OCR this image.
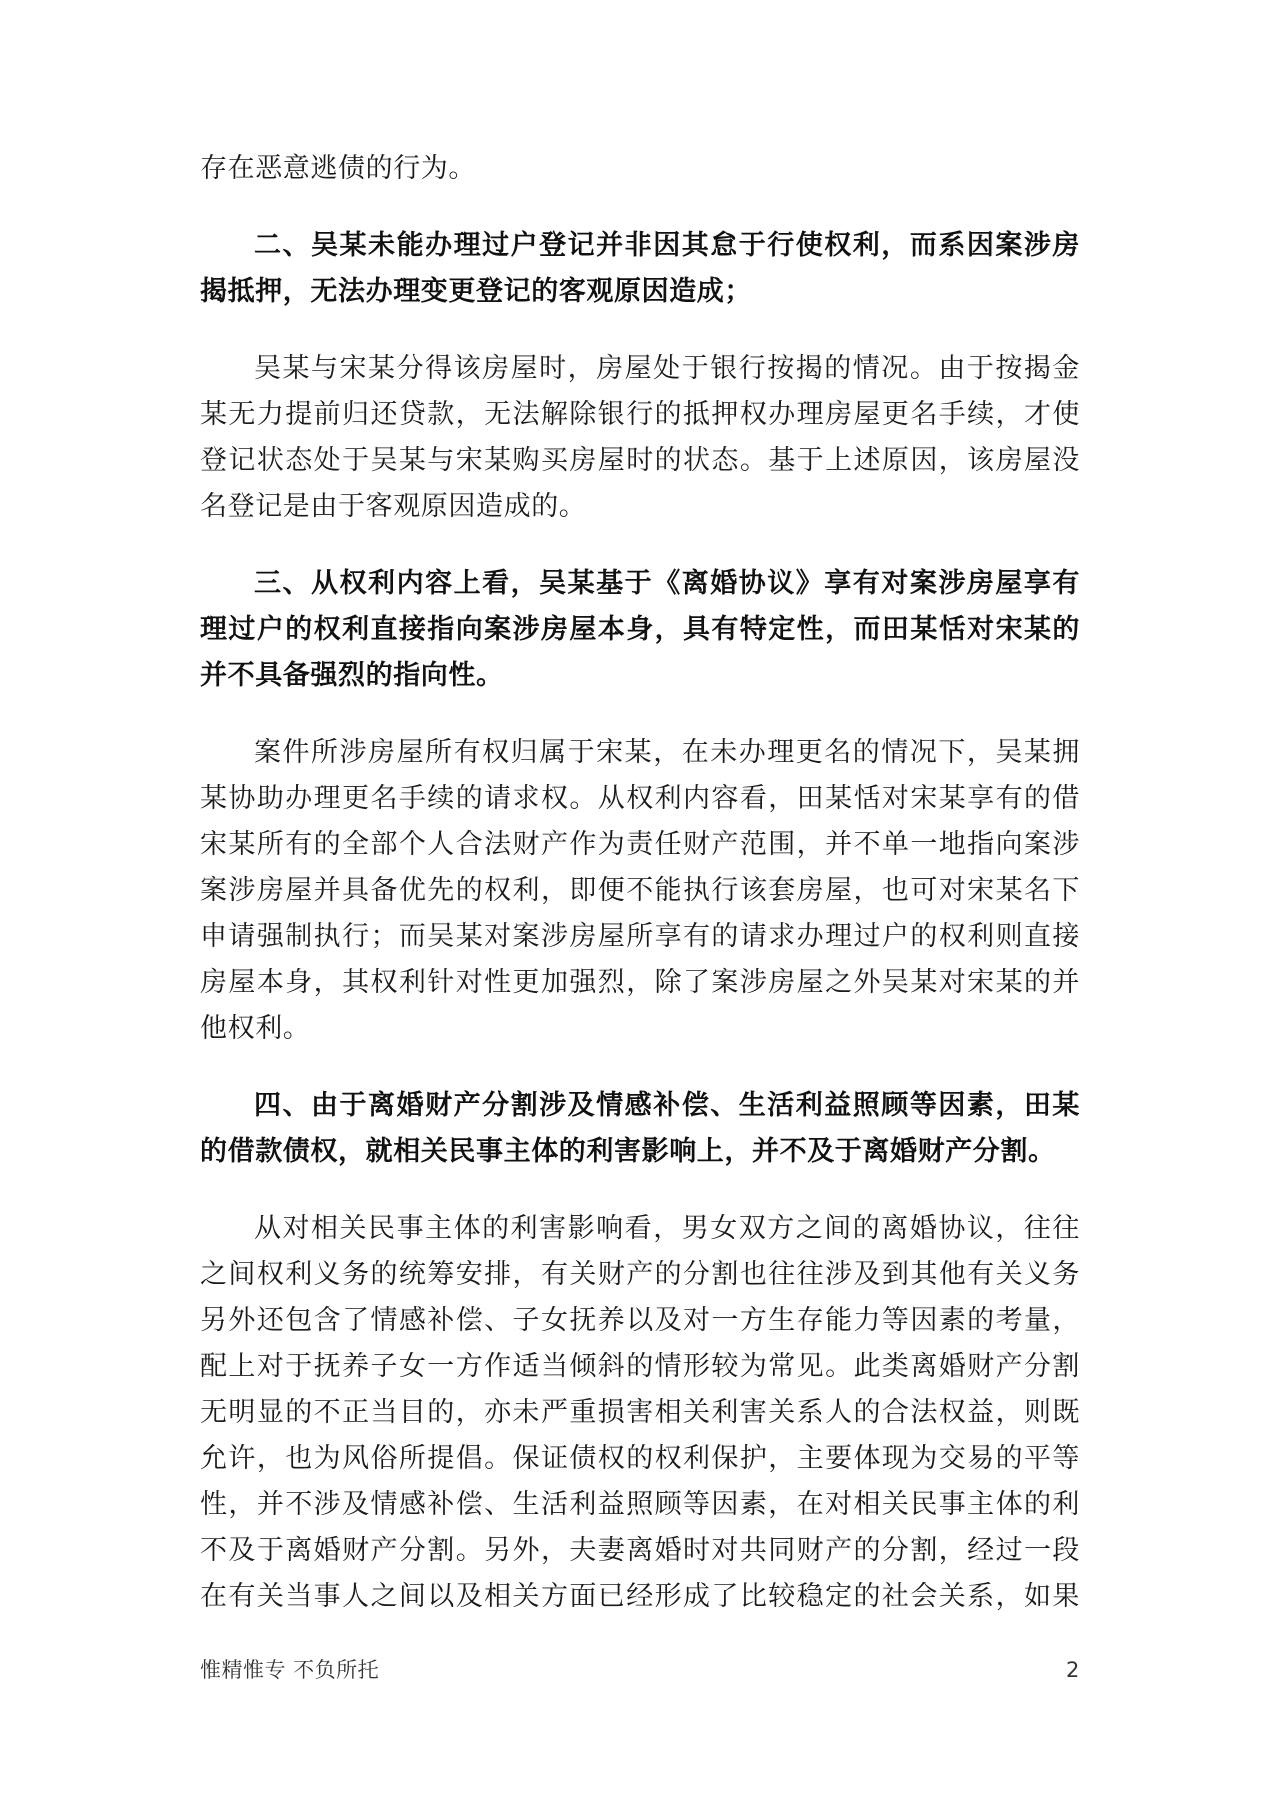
存在恶意逃债的行为。
二、吴某未能办理过户登记并非因其怠于行使权利，而系因案涉房
揭抵押，无法办理变更登记的客观原因造成；
吴某与宋某分得该房屋时，房屋处于银行按揭的情况。由于按揭金
某无力提前归还贷款，无法解除银行的抵押权办理房屋更名手续，才使
登记状态处于吴某与宋某购买房屋时的状态。基于上述原因，该房屋没
名登记是由于客观原因造成的。
三、从权利内容上看，吴某基于《离婚协议》享有对案涉房屋享有
理过户的权利直接指向案涉房屋本身，具有特定性，而田某恬对宋某的
并不具备强烈的指向性。
案件所涉房屋所有权归属于宋某，在未办理更名的情况下，吴某拥
某协助办理更名手续的请求权。从权利内容看，田某恬对宋某享有的借
宋某所有的全部个人合法财产作为责任财产范围，并不单一地指向案涉
案涉房屋并具备优先的权利，即便不能执行该套房屋，也可对宋某名下
申请强制执行；而吴某对案涉房屋所享有的请求办理过户的权利则直接
房屋本身，其权利针对性更加强烈，除了案涉房屋之外吴某对宋某的并
他权利。
四、由于离婚财产分割涉及情感补偿、生活利益照顾等因素，田某
的借款债权，就相关民事主体的利害影响上，并不及于离婚财产分割。
从对相关民事主体的利害影响看，男女双方之间的离婚协议，往往
之间权利义务的统筹安排，有关财产的分割也往往涉及到其他有关义务
另外还包含了情感补偿、子女抚养以及对一方生存能力等因素的考量，
配上对于抚养子女一方作适当倾斜的情形较为常见。此类离婚财产分割
无明显的不正当目的，亦未严重损害相关利害关系人的合法权益，则既
允许，也为风俗所提倡。保证债权的权利保护，主要体现为交易的平等
性，并不涉及情感补偿、生活利益照顾等因素，在对相关民事主体的利
不及于离婚财产分割。另外，夫妻离婚时对共同财产的分割，经过一段
在有关当事人之间以及相关方面已经形成了比较稳定的社会关系，如果
惟精惟专 不负所托	2
